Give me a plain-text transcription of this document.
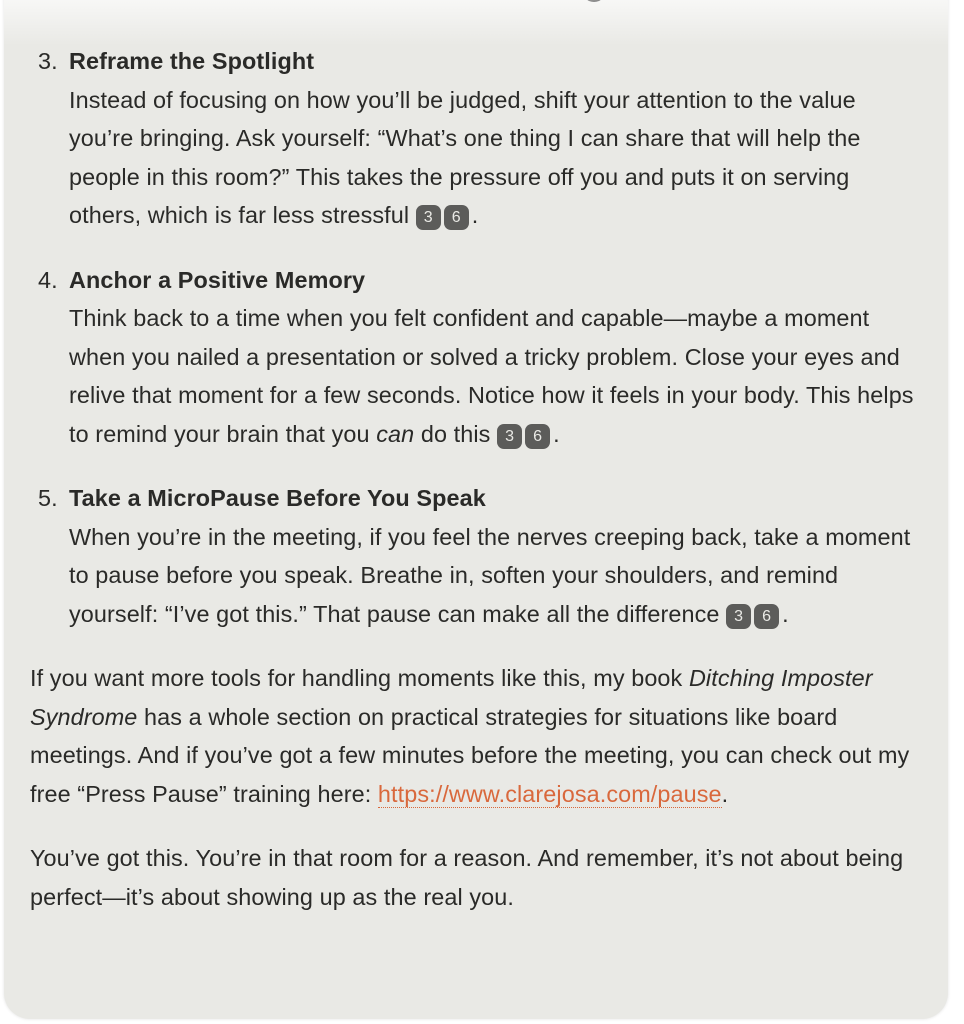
3. Reframe the Spotlight
Instead of focusing on how you’ll be judged, shift your attention to the value you’re bringing. Ask yourself: “What’s one thing I can share that will help the people in this room?” This takes the pressure off you and puts it on serving others, which is far less stressful 3 6 .
4. Anchor a Positive Memory
Think back to a time when you felt confident and capable—maybe a moment when you nailed a presentation or solved a tricky problem. Close your eyes and relive that moment for a few seconds. Notice how it feels in your body. This helps to remind your brain that you can do this 3 6 .
5. Take a MicroPause Before You Speak
When you’re in the meeting, if you feel the nerves creeping back, take a moment to pause before you speak. Breathe in, soften your shoulders, and remind yourself: “I’ve got this.” That pause can make all the difference 3 6 .

If you want more tools for handling moments like this, my book Ditching Imposter Syndrome has a whole section on practical strategies for situations like board meetings. And if you’ve got a few minutes before the meeting, you can check out my free “Press Pause” training here: https://www.clarejosa.com/pause.

You’ve got this. You’re in that room for a reason. And remember, it’s not about being perfect—it’s about showing up as the real you.
